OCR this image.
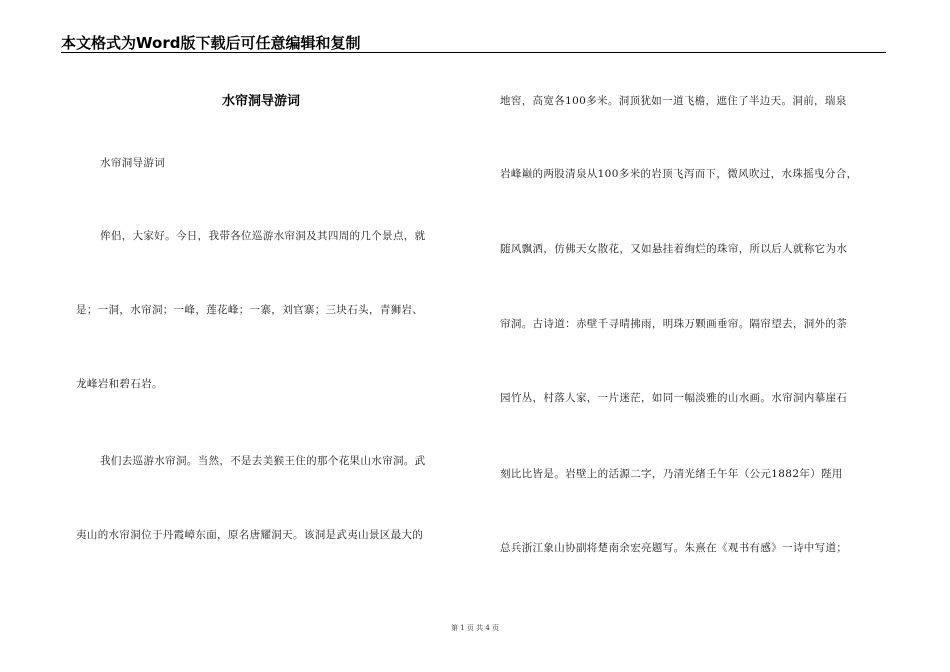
本文格式为Word版下载后可任意编辑和复制
水帘洞导游词
水帘洞导游词
侔侣，大家好。今日，我带各位巡游水帘洞及其四周的几个景点，就
是；一洞，水帘洞；一峰，莲花峰；一寨，刘官寨；三块石头，青狮岩、
龙峰岩和碧石岩。
我们去巡游水帘洞。当然，不是去美猴王住的那个花果山水帘洞。武
夷山的水帘洞位于丹霞嶂东面，原名唐耀洞天。该洞是武夷山景区最大的
地窖，高宽各100多米。洞顶犹如一道飞檐，遮住了半边天。洞前，瑞泉
岩峰巅的两股清泉从100多米的岩顶飞泻而下，微风吹过，水珠摇曳分合，
随风飘洒，仿佛天女散花，又如悬挂着绚烂的珠帘，所以后人就称它为水
帘洞。古诗道：赤壁千寻晴拂雨，明珠万颗画垂帘。隔帘望去，洞外的荼
园竹丛，村落人家，一片迷茫，如同一幅淡雅的山水画。水帘洞内摹崖石
刻比比皆是。岩壁上的活源二字，乃清光绪壬午年（公元1882年）陛用
总兵浙江象山协副将楚南余宏亮题写。朱熹在《观书有感》一诗中写道；
第 1 页 共 4 页
